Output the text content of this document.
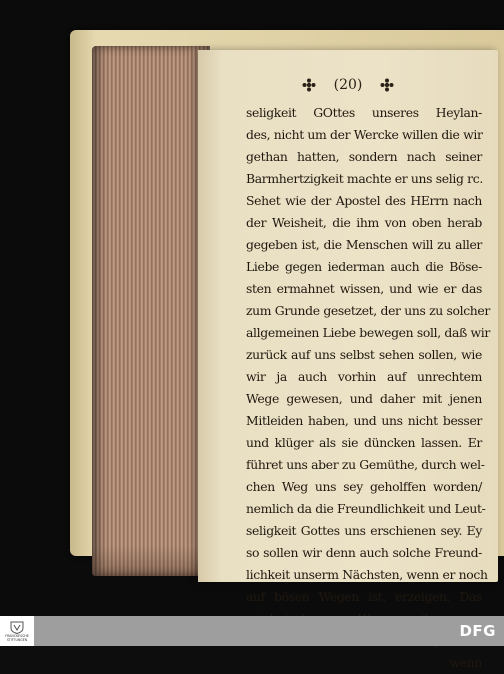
(20)
seligkeit GOttes unseres Heylan-
des, nicht um der Wercke willen die wir
gethan hatten, sondern nach seiner
Barmhertzigkeit machte er uns selig rc.
Sehet wie der Apostel des HErrn nach
der Weisheit, die ihm von oben herab
gegeben ist, die Menschen will zu aller
Liebe gegen iederman auch die Bösе-
sten ermahnet wissen, und wie er das
zum Grunde gesetzet, der uns zu solcher
allgemeinen Liebe bewegen soll, daß wir
zurück auf uns selbst sehen sollen, wie
wir ja auch vorhin auf unrechtem
Wege gewesen, und daher mit jenen
Mitleiden haben, und uns nicht besser
und klüger als sie düncken lassen. Er
führet uns aber zu Gemüthe, durch wel-
chen Weg uns sey geholffen worden/
nemlich da die Freundlichkeit und Leut-
seligkeit Gottes uns erschienen sey. Ey
so sollen wir denn auch solche Freund-
lichkeit unserm Nächsten, wenn er noch
auf bösen Wegen ist, erzeigen. Das
wenn
FRANCKESCHE STIFTUNGEN	DFG
